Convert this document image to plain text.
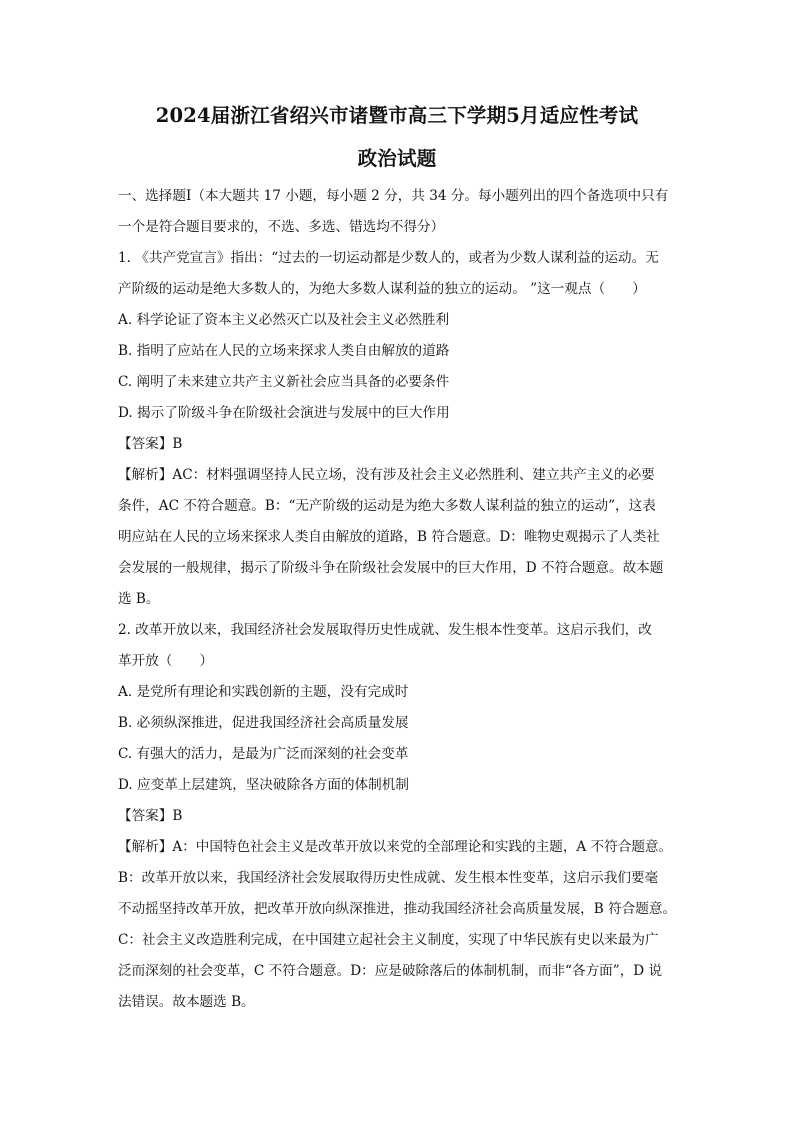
2024届浙江省绍兴市诸暨市高三下学期5月适应性考试
政治试题
一、选择题Ⅰ（本大题共 17 小题，每小题 2 分，共 34 分。每小题列出的四个备选项中只有
一个是符合题目要求的，不选、多选、错选均不得分）
1. 《共产党宣言》指出：“过去的一切运动都是少数人的，或者为少数人谋利益的运动。无
产阶级的运动是绝大多数人的，为绝大多数人谋利益的独立的运动。 ”这一观点（　　）
A. 科学论证了资本主义必然灭亡以及社会主义必然胜利
B. 指明了应站在人民的立场来探求人类自由解放的道路
C. 阐明了未来建立共产主义新社会应当具备的必要条件
D. 揭示了阶级斗争在阶级社会演进与发展中的巨大作用
【答案】B
【解析】AC：材料强调坚持人民立场，没有涉及社会主义必然胜利、建立共产主义的必要
条件，AC 不符合题意。B：“无产阶级的运动是为绝大多数人谋利益的独立的运动”，这表
明应站在人民的立场来探求人类自由解放的道路，B 符合题意。D：唯物史观揭示了人类社
会发展的一般规律，揭示了阶级斗争在阶级社会发展中的巨大作用，D 不符合题意。故本题
选 B。
2. 改革开放以来，我国经济社会发展取得历史性成就、发生根本性变革。这启示我们，改
革开放（　　）
A. 是党所有理论和实践创新的主题，没有完成时
B. 必须纵深推进，促进我国经济社会高质量发展
C. 有强大的活力，是最为广泛而深刻的社会变革
D. 应变革上层建筑，坚决破除各方面的体制机制
【答案】B
【解析】A：中国特色社会主义是改革开放以来党的全部理论和实践的主题，A 不符合题意。
B：改革开放以来，我国经济社会发展取得历史性成就、发生根本性变革，这启示我们要毫
不动摇坚持改革开放，把改革开放向纵深推进，推动我国经济社会高质量发展，B 符合题意。
C：社会主义改造胜利完成，在中国建立起社会主义制度，实现了中华民族有史以来最为广
泛而深刻的社会变革，C 不符合题意。D：应是破除落后的体制机制，而非“各方面”，D 说
法错误。故本题选 B。
